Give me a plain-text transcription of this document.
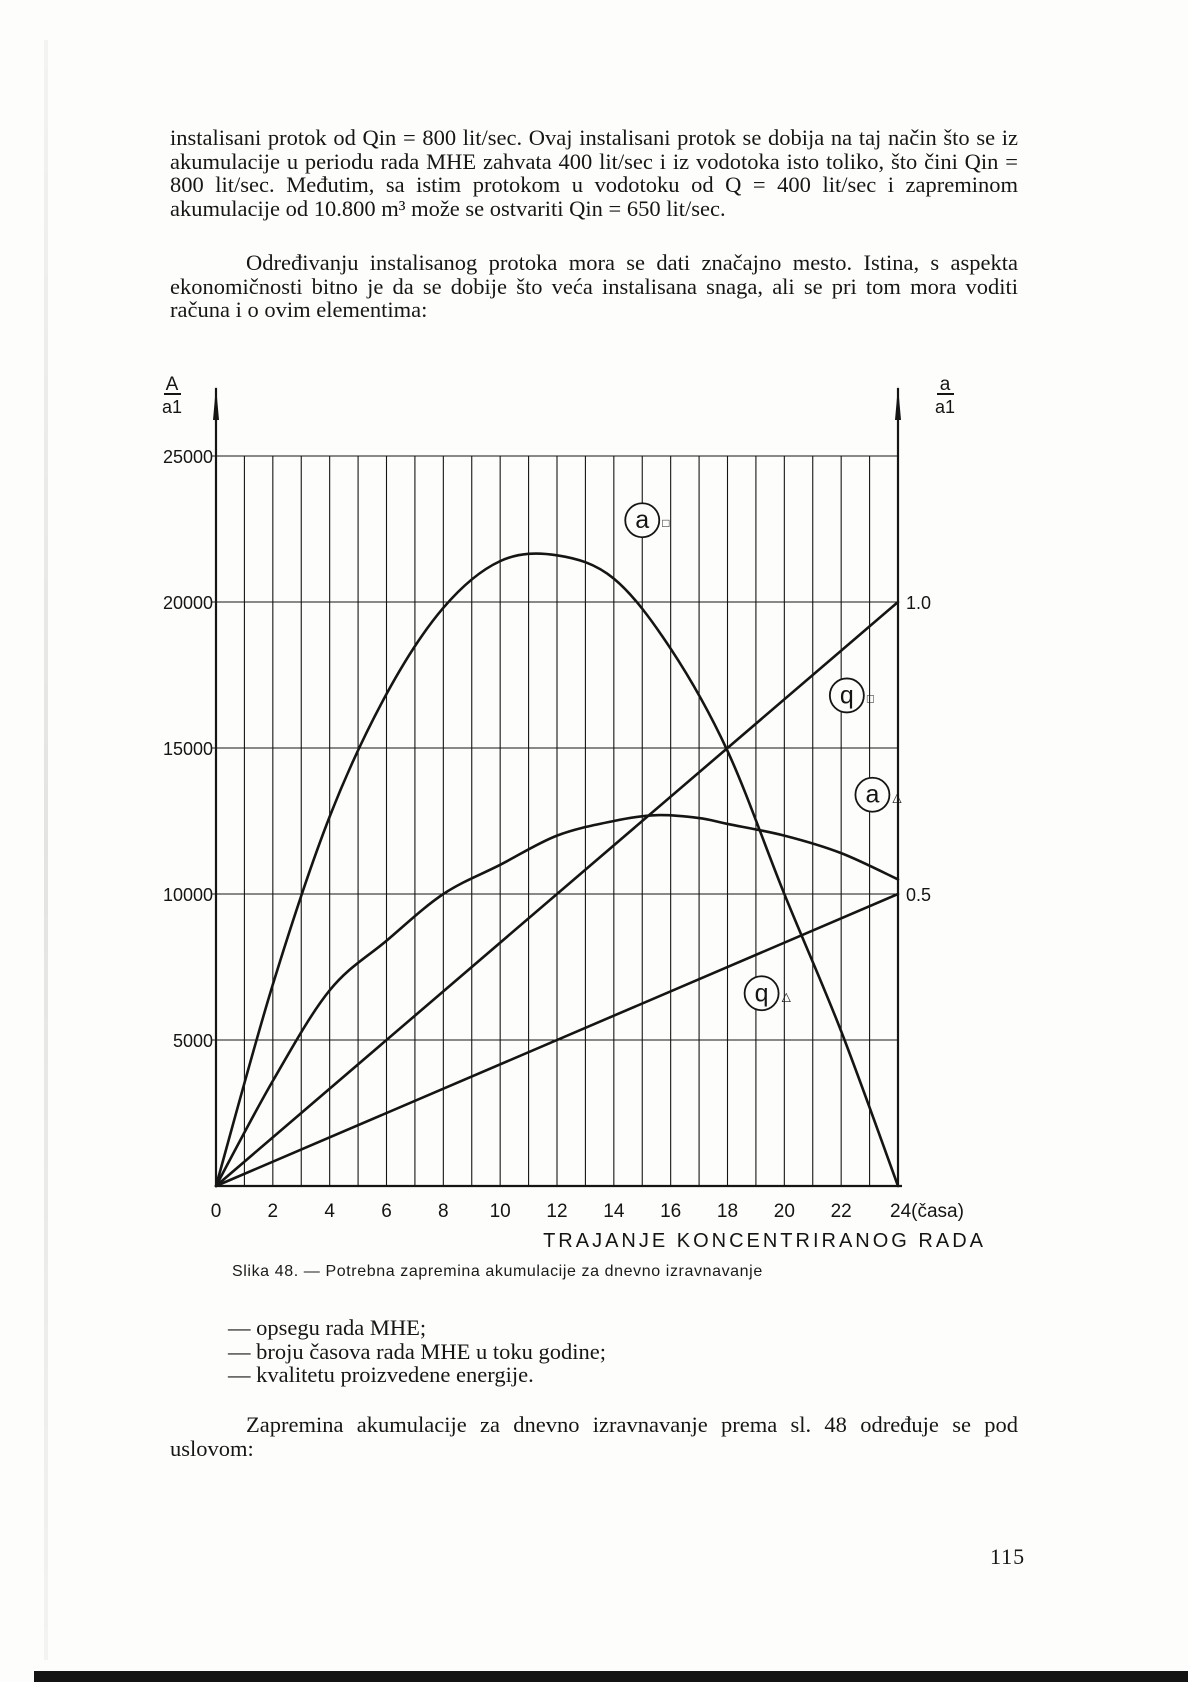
instalisani protok od Qin = 800 lit/sec. Ovaj instalisani protok se dobija na taj način što se iz akumulacije u periodu rada MHE zahvata 400 lit/sec i iz vodotoka isto toliko, što čini Qin = 800 lit/sec. Međutim, sa istim protokom u vodotoku od Q = 400 lit/sec i zapreminom akumulacije od 10.800 m³ može se ostvariti Qin = 650 lit/sec.

Određivanju instalisanog protoka mora se dati značajno mesto. Istina, s aspekta ekonomičnosti bitno je da se dobije što veća instalisana snaga, ali se pri tom mora voditi računa i o ovim elementima:

0 2 4 6 8 10 12 14 16 18 20 22 24(časa)
5000
10000
15000
20000
25000
0.5
1.0
a □
q □
a △
q △
TRAJANJE KONCENTRIRANOG RADA
A
a1
a
a1
Slika 48. — Potrebna zapremina akumulacije za dnevno izravnavanje
— opsegu rada MHE;
— broju časova rada MHE u toku godine;
— kvalitetu proizvedene energije.

Zapremina akumulacije za dnevno izravnavanje prema sl. 48 određuje se pod uslovom:

115
